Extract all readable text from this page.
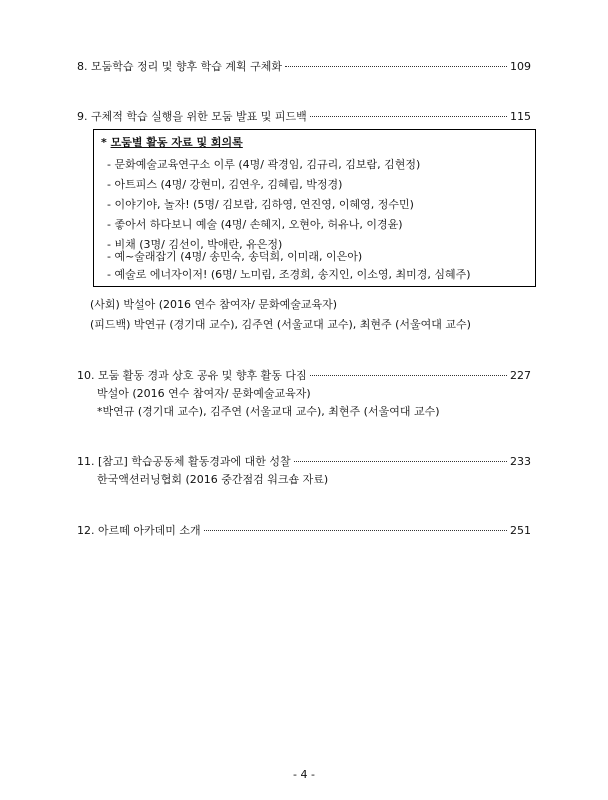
8. 모둠학습 정리 및 향후 학습 계획 구체화	109
9. 구체적 학습 실행을 위한 모둠 발표 및 피드백	115
* 모둠별 활동 자료 및 회의록
- 문화예술교육연구소 이루 (4명/ 곽경임, 김규리, 김보람, 김현정)
- 아트피스 (4명/ 강현미, 김연우, 김혜림, 박정경)
- 이야기야, 놀자! (5명/ 김보람, 김하영, 연진영, 이혜영, 정수민)
- 좋아서 하다보니 예술 (4명/ 손혜지, 오현아, 허유나, 이경윤)
- 비채 (3명/ 김선이, 박애란, 유은정)
- 예~술래잡기 (4명/ 송민숙, 송덕희, 이미래, 이은아)
- 예술로 에너자이저! (6명/ 노미림, 조경희, 송지인, 이소영, 최미경, 심혜주)
(사회) 박설아 (2016 연수 참여자/ 문화예술교육자)
(피드백) 박연규 (경기대 교수), 김주연 (서울교대 교수), 최현주 (서울여대 교수)
10. 모둠 활동 경과 상호 공유 및 향후 활동 다짐	227
박설아 (2016 연수 참여자/ 문화예술교육자)
*박연규 (경기대 교수), 김주연 (서울교대 교수), 최현주 (서울여대 교수)
11. [참고] 학습공동체 활동경과에 대한 성찰	233
한국액션러닝협회 (2016 중간점검 워크숍 자료)
12. 아르떼 아카데미 소개	251
- 4 -
